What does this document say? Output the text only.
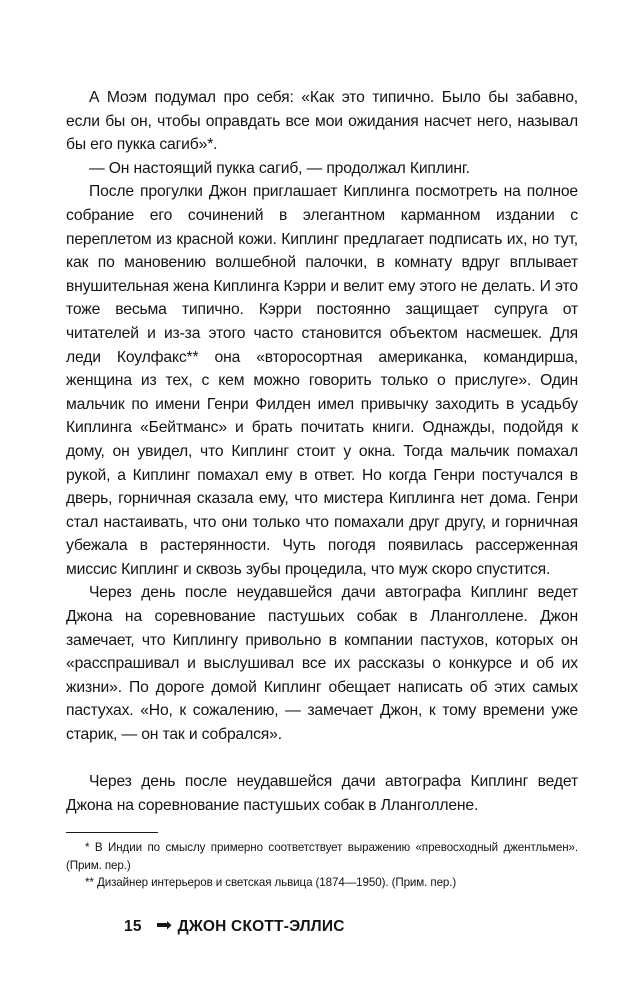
А Моэм подумал про себя: «Как это типично. Было бы забавно, если бы он, чтобы оправдать все мои ожидания насчет него, называл бы его пукка сагиб»*.

— Он настоящий пукка сагиб, — продолжал Киплинг.

После прогулки Джон приглашает Киплинга посмотреть на полное собрание его сочинений в элегантном карманном издании с переплетом из красной кожи. Киплинг предлагает подписать их, но тут, как по мановению волшебной палочки, в комнату вдруг вплывает внушительная жена Киплинга Кэрри и велит ему этого не делать. И это тоже весьма типично. Кэрри постоянно защищает супруга от читателей и из-за этого часто становится объектом насмешек. Для леди Коулфакс** она «второсортная американка, командирша, женщина из тех, с кем можно говорить только о прислуге». Один мальчик по имени Генри Филден имел привычку заходить в усадьбу Киплинга «Бейтманс» и брать почитать книги. Однажды, подойдя к дому, он увидел, что Киплинг стоит у окна. Тогда мальчик помахал рукой, а Киплинг помахал ему в ответ. Но когда Генри постучался в дверь, горничная сказала ему, что мистера Киплинга нет дома. Генри стал настаивать, что они только что помахали друг другу, и горничная убежала в растерянности. Чуть погодя появилась рассерженная миссис Киплинг и сквозь зубы процедила, что муж скоро спустится.

Через день после неудавшейся дачи автографа Киплинг ведет Джона на соревнование пастушьих собак в Лланголлене. Джон замечает, что Киплингу привольно в компании пастухов, которых он «расспрашивал и выслушивал все их рассказы о конкурсе и об их жизни». По дороге домой Киплинг обещает написать об этих самых пастухах. «Но, к сожалению, — замечает Джон, к тому времени уже старик, — он так и собрался».

Через день после неудавшейся дачи автографа Киплинг ведет Джона на соревнование пастушьих собак в Лланголлене.

* В Индии по смыслу примерно соответствует выражению «превосходный джентльмен». (Прим. пер.)

** Дизайнер интерьеров и светская львица (1874—1950). (Прим. пер.)

15 ДЖОН СКОТТ-ЭЛЛИС
